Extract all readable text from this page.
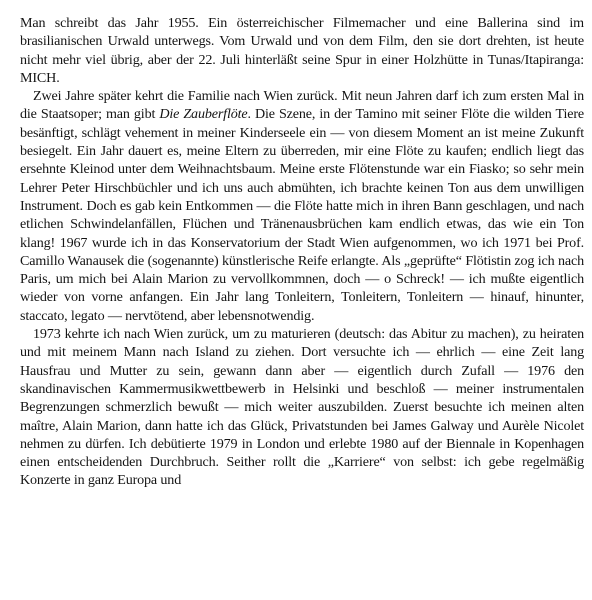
Man schreibt das Jahr 1955. Ein österreichischer Filmemacher und eine Ballerina sind im brasilianischen Urwald unterwegs. Vom Urwald und von dem Film, den sie dort drehten, ist heute nicht mehr viel übrig, aber der 22. Juli hinterläßt seine Spur in einer Holzhütte in Tunas/Itapiranga: MICH.

Zwei Jahre später kehrt die Familie nach Wien zurück. Mit neun Jahren darf ich zum ersten Mal in die Staatsoper; man gibt Die Zauberflöte. Die Szene, in der Tamino mit seiner Flöte die wilden Tiere besänftigt, schlägt vehement in meiner Kinderseele ein — von diesem Moment an ist meine Zukunft besiegelt. Ein Jahr dauert es, meine Eltern zu überreden, mir eine Flöte zu kaufen; endlich liegt das ersehnte Kleinod unter dem Weihnachtsbaum. Meine erste Flötenstunde war ein Fiasko; so sehr mein Lehrer Peter Hirschbüchler und ich uns auch abmühten, ich brachte keinen Ton aus dem unwilligen Instrument. Doch es gab kein Entkommen — die Flöte hatte mich in ihren Bann geschlagen, und nach etlichen Schwindelanfällen, Flüchen und Tränenausbrüchen kam endlich etwas, das wie ein Ton klang! 1967 wurde ich in das Konservatorium der Stadt Wien aufgenommen, wo ich 1971 bei Prof. Camillo Wanausek die (sogenannte) künstlerische Reife erlangte. Als „geprüfte“ Flötistin zog ich nach Paris, um mich bei Alain Marion zu vervollkommnen, doch — o Schreck! — ich mußte eigentlich wieder von vorne anfangen. Ein Jahr lang Tonleitern, Tonleitern, Tonleitern — hinauf, hinunter, staccato, legato — nervtötend, aber lebensnotwendig.

1973 kehrte ich nach Wien zurück, um zu maturieren (deutsch: das Abitur zu machen), zu heiraten und mit meinem Mann nach Island zu ziehen. Dort versuchte ich — ehrlich — eine Zeit lang Hausfrau und Mutter zu sein, gewann dann aber — eigentlich durch Zufall — 1976 den skandinavischen Kammermusikwettbewerb in Helsinki und beschloß — meiner instrumentalen Begrenzungen schmerzlich bewußt — mich weiter auszubilden. Zuerst besuchte ich meinen alten maître, Alain Marion, dann hatte ich das Glück, Privatstunden bei James Galway und Aurèle Nicolet nehmen zu dürfen. Ich debütierte 1979 in London und erlebte 1980 auf der Biennale in Kopenhagen einen entscheidenden Durchbruch. Seither rollt die „Karriere“ von selbst: ich gebe regelmäßig Konzerte in ganz Europa und
